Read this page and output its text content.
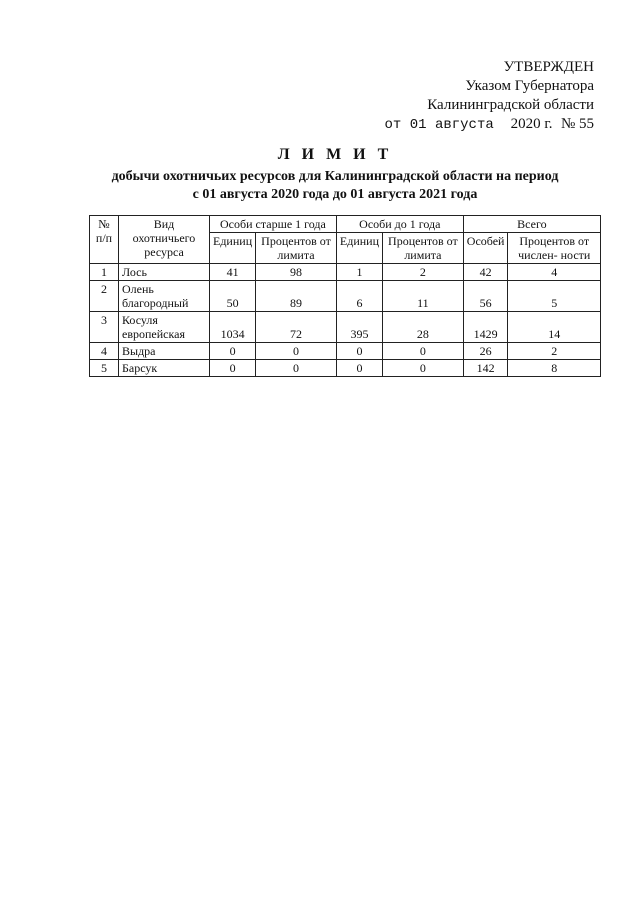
УТВЕРЖДЕН
Указом Губернатора
Калининградской области
от 01 августа 2020 г. № 55
Л И М И Т
добычи охотничьих ресурсов для Калининградской области на период
с 01 августа 2020 года до 01 августа 2021 года
№ п/п	Вид охотничьего ресурса	Особи старше 1 года		Особи до 1 года		Всего	
		Единиц	Процентов от лимита	Единиц	Процентов от лимита	Особей	Процентов от числен- ности
1	Лось	41	98	1	2	42	4
2	Олень благородный	50	89	6	11	56	5
3	Косуля европейская	1034	72	395	28	1429	14
4	Выдра	0	0	0	0	26	2
5	Барсук	0	0	0	0	142	8
